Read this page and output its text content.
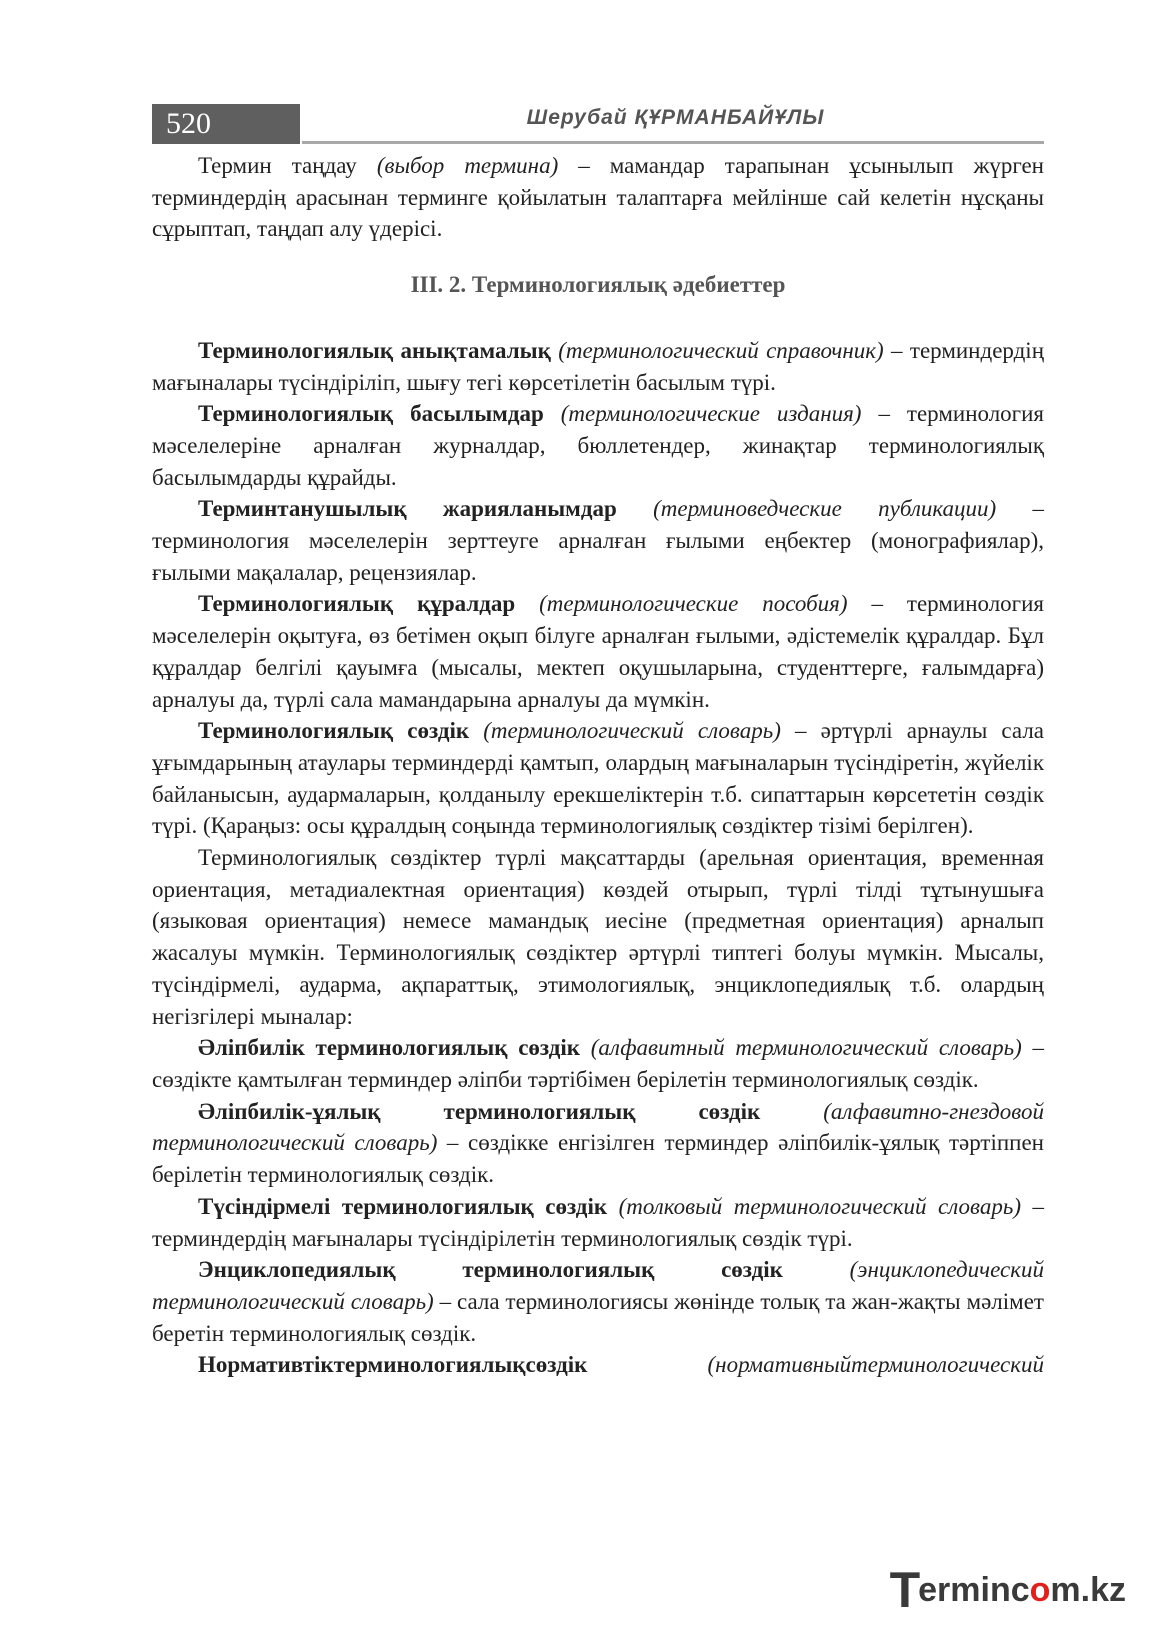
520	Шерубай ҚҰРМАНБАЙҰЛЫ

Термин таңдау (выбор термина) – мамандар тарапынан ұсынылып жүрген терминдердің арасынан терминге қойылатын талаптарға мейлінше сай келетін нұсқаны сұрыптап, таңдап алу үдерісі.

III. 2. Терминологиялық әдебиеттер

Терминологиялық анықтамалық (терминологический справочник) – терминдердің мағыналары түсіндіріліп, шығу тегі көрсетілетін басылым түрі.

Терминологиялық басылымдар (терминологические издания) – терминология мәселелеріне арналған журналдар, бюллетендер, жинақтар терминологиялық басылымдарды құрайды.

Терминтанушылық жарияланымдар (терминоведческие публикации) – терминология мәселелерін зерттеуге арналған ғылыми еңбектер (монографиялар), ғылыми мақалалар, рецензиялар.

Терминологиялық құралдар (терминологические пособия) – терминология мәселелерін оқытуға, өз бетімен оқып білуге арналған ғылыми, әдістемелік құралдар. Бұл құралдар белгілі қауымға (мысалы, мектеп оқушыларына, студенттерге, ғалымдарға) арналуы да, түрлі сала мамандарына арналуы да мүмкін.

Терминологиялық сөздік (терминологический словарь) – әртүрлі арнаулы сала ұғымдарының атаулары терминдерді қамтып, олардың мағыналарын түсіндіретін, жүйелік байланысын, аудармаларын, қолданылу ерекшеліктерін т.б. сипаттарын көрсететін сөздік түрі. (Қараңыз: осы құралдың соңында терминологиялық сөздіктер тізімі берілген).

Терминологиялық сөздіктер түрлі мақсаттарды (арельная ориентация, временная ориентация, метадиалектная ориентация) көздей отырып, түрлі тілді тұтынушыға (языковая ориентация) немесе мамандық иесіне (предметная ориентация) арналып жасалуы мүмкін. Терминологиялық сөздіктер әртүрлі типтегі болуы мүмкін. Мысалы, түсіндірмелі, аударма, ақпараттық, этимологиялық, энциклопедиялық т.б. олардың негізгілері мыналар:

Әліпбилік терминологиялық сөздік (алфавитный терминологический словарь) – сөздікте қамтылған терминдер әліпби тәртібімен берілетін терминологиялық сөздік.

Әліпбилік-ұялық терминологиялық сөздік	(алфавитно-гнездовой терминологический словарь) – сөздікке енгізілген терминдер әліпбилік-ұялық тәртіппен берілетін терминологиялық сөздік.

Түсіндірмелі терминологиялық сөздік (толковый терминологический словарь) – терминдердің мағыналары түсіндірілетін терминологиялық сөздік түрі.

Энциклопедиялық терминологиялық сөздік	(энциклопедический терминологический словарь) – сала терминологиясы жөнінде толық та жан-жақты мәлімет беретін терминологиялық сөздік.

Нормативтіктерминологиялықсөздік	(нормативныйтерминологический

T
erminc o m.kz
